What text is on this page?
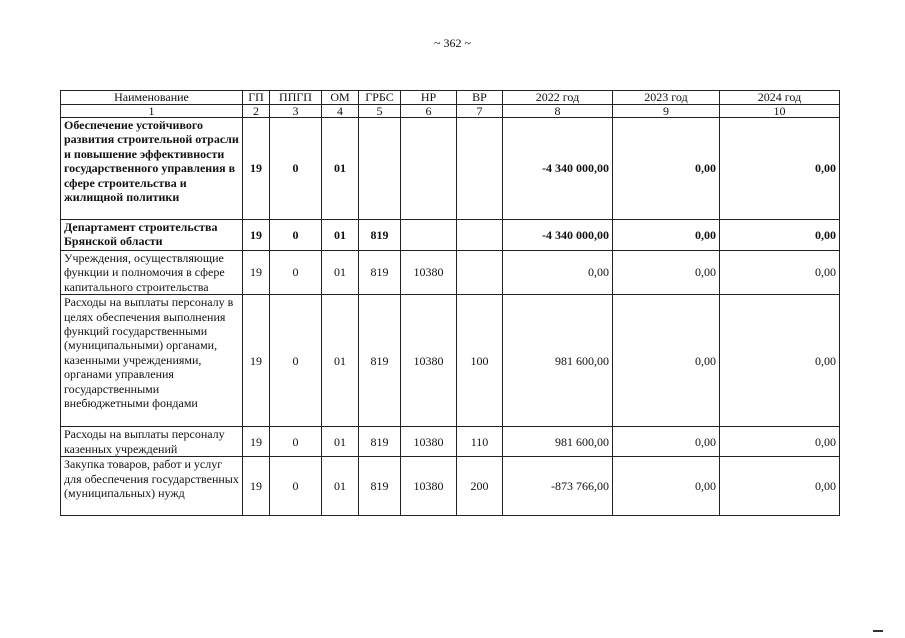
~ 362 ~
Наименование	ГП	ППГП	ОМ	ГРБС	НР	ВР	2022 год	2023 год	2024 год
1	2	3	4	5	6	7	8	9	10
Обеспечение устойчивого развития строительной отрасли и повышение эффективности государственного управления в сфере строительства и жилищной политики	19	0	01				-4 340 000,00	0,00	0,00
Департамент строительства Брянской области	19	0	01	819			-4 340 000,00	0,00	0,00
Учреждения, осуществляющие функции и полномочия в сфере капитального строительства	19	0	01	819	10380		0,00	0,00	0,00
Расходы на выплаты персоналу в целях обеспечения выполнения функций государственными (муниципальными) органами, казенными учреждениями, органами управления государственными внебюджетными фондами	19	0	01	819	10380	100	981 600,00	0,00	0,00
Расходы на выплаты персоналу казенных учреждений	19	0	01	819	10380	110	981 600,00	0,00	0,00
Закупка товаров, работ и услуг для обеспечения государственных (муниципальных) нужд	19	0	01	819	10380	200	-873 766,00	0,00	0,00
